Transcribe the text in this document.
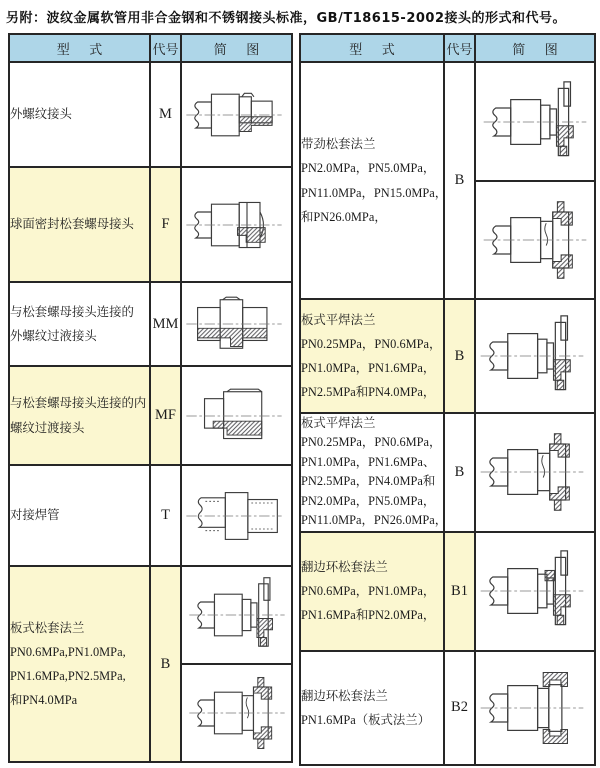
另附：波纹金属软管用非合金钢和不锈钢接头标准，GB/T18615-2002接头的形式和代号。
型      式	代号	简      图

外螺纹接头	M	

球面密封松套螺母接头	F	

与松套螺母接头连接的
外螺纹过液接头	MM	

与松套螺母接头连接的内
螺纹过渡接头	MF	

对接焊管	T	

板式松套法兰
PN0.6MPa,PN1.0MPa,
PN1.6MPa,PN2.5MPa,
和PN4.0MPa	B	
型      式	代号	简      图

带劲松套法兰
PN2.0MPa，PN5.0MPa，
PN11.0MPa，PN15.0MPa，
和PN26.0MPa，	B	

板式平焊法兰
PN0.25MPa，PN0.6MPa，
PN1.0MPa，PN1.6MPa，
PN2.5MPa和PN4.0MPa，	B	

板式平焊法兰
PN0.25MPa，PN0.6MPa，
PN1.0MPa，PN1.6MPa、
PN2.5MPa，PN4.0MPa和
PN2.0MPa，PN5.0MPa，
PN11.0MPa，PN26.0MPa，
	B	

翻边环松套法兰
PN0.6MPa，PN1.0MPa，
PN1.6MPa和PN2.0MPa，	B1	

翻边环松套法兰
PN1.6MPa（板式法兰）	B2	
